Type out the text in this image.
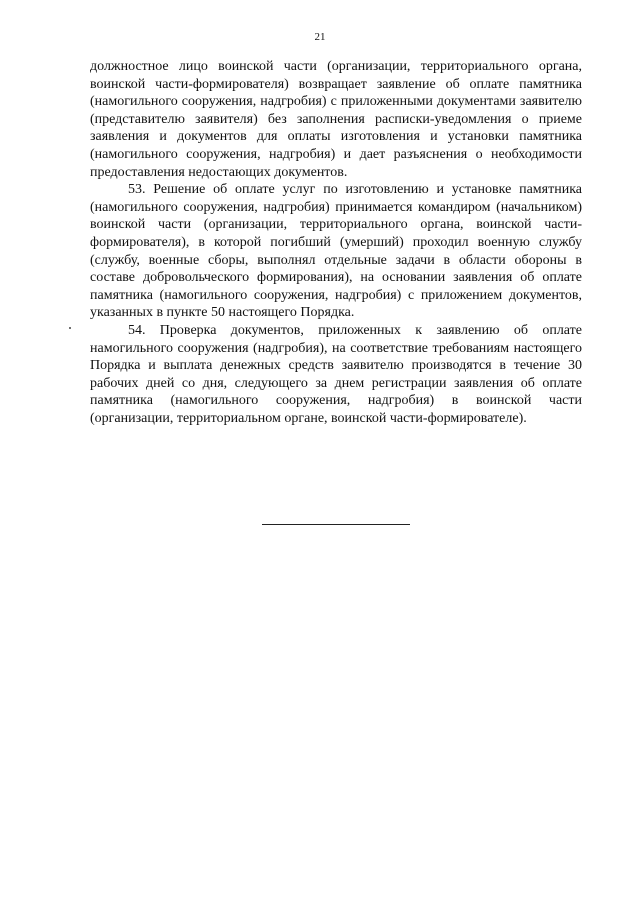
21

должностное лицо воинской части (организации, территориального органа, воинской части-формирователя) возвращает заявление об оплате памятника (намогильного сооружения, надгробия) с приложенными документами заявителю (представителю заявителя) без заполнения расписки-уведомления о приеме заявления и документов для оплаты изготовления и установки памятника (намогильного сооружения, надгробия) и дает разъяснения о необходимости предоставления недостающих документов.

53. Решение об оплате услуг по изготовлению и установке памятника (намогильного сооружения, надгробия) принимается командиром (начальником) воинской части (организации, территориального органа, воинской части-формирователя), в которой погибший (умерший) проходил военную службу (службу, военные сборы, выполнял отдельные задачи в области обороны в составе добровольческого формирования), на основании заявления об оплате памятника (намогильного сооружения, надгробия) с приложением документов, указанных в пункте 50 настоящего Порядка.

54. Проверка документов, приложенных к заявлению об оплате намогильного сооружения (надгробия), на соответствие требованиям настоящего Порядка и выплата денежных средств заявителю производятся в течение 30 рабочих дней со дня, следующего за днем регистрации заявления об оплате памятника (намогильного сооружения, надгробия) в воинской части (организации, территориальном органе, воинской части-формирователе).
